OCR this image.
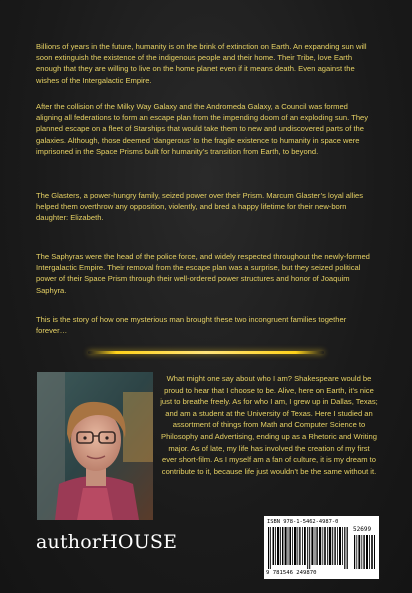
Billions of years in the future, humanity is on the brink of extinction on Earth. An expanding sun will soon extinguish the existence of the indigenous people and their home. Their Tribe, love Earth enough that they are willing to live on the home planet even if it means death. Even against the wishes of the Intergalactic Empire.

After the collision of the Milky Way Galaxy and the Andromeda Galaxy, a Council was formed aligning all federations to form an escape plan from the impending doom of an exploding sun. They planned escape on a fleet of Starships that would take them to new and undiscovered parts of the galaxies. Although, those deemed ‘dangerous’ to the fragile existence to humanity in space were imprisoned in the Space Prisms built for humanity’s transition from Earth, to beyond.

The Glasters, a power-hungry family, seized power over their Prism. Marcum Glaster’s loyal allies helped them overthrow any opposition, violently, and bred a happy lifetime for their new-born daughter: Elizabeth.

The Saphyras were the head of the police force, and widely respected throughout the newly-formed Intergalactic Empire. Their removal from the escape plan was a surprise, but they seized political power of their Space Prism through their well-ordered power structures and honor of Joaquim Saphyra.

This is the story of how one mysterious man brought these two incongruent families together forever…

What might one say about who I am? Shakespeare would be proud to hear that I choose to be. Alive, here on Earth, it’s nice just to breathe freely. As for who I am, I grew up in Dallas, Texas; and am a student at the University of Texas. Here I studied an assortment of things from Math and Computer Science to Philosophy and Advertising, ending up as a Rhetoric and Writing major. As of late, my life has involved the creation of my first ever short-film. As I myself am a fan of culture, it is my dream to contribute to it, because life just wouldn’t be the same without it.

authorHOUSE
ISBN 978-1-5462-4987-0
52699
9 781546 249870
